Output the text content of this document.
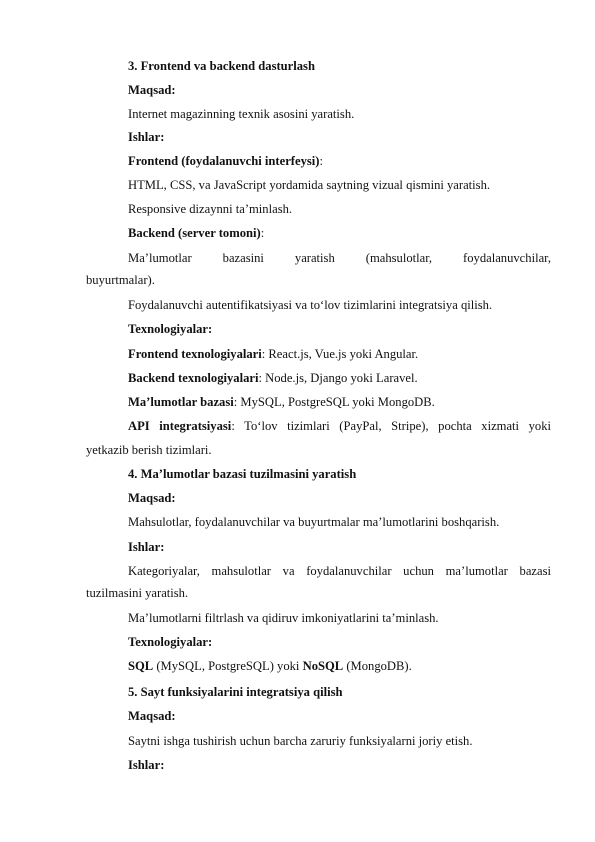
3. Frontend va backend dasturlash
Maqsad:
Internet magazinning texnik asosini yaratish.
Ishlar:
Frontend (foydalanuvchi interfeysi):
HTML, CSS, va JavaScript yordamida saytning vizual qismini yaratish.
Responsive dizaynni ta’minlash.
Backend (server tomoni):
Ma’lumotlar bazasini yaratish (mahsulotlar, foydalanuvchilar,
buyurtmalar).
Foydalanuvchi autentifikatsiyasi va to‘lov tizimlarini integratsiya qilish.
Texnologiyalar:
Frontend texnologiyalari: React.js, Vue.js yoki Angular.
Backend texnologiyalari: Node.js, Django yoki Laravel.
Ma’lumotlar bazasi: MySQL, PostgreSQL yoki MongoDB.
API integratsiyasi: To‘lov tizimlari (PayPal, Stripe), pochta xizmati yoki
yetkazib berish tizimlari.
4. Ma’lumotlar bazasi tuzilmasini yaratish
Maqsad:
Mahsulotlar, foydalanuvchilar va buyurtmalar ma’lumotlarini boshqarish.
Ishlar:
Kategoriyalar, mahsulotlar va foydalanuvchilar uchun ma’lumotlar bazasi
tuzilmasini yaratish.
Ma’lumotlarni filtrlash va qidiruv imkoniyatlarini ta’minlash.
Texnologiyalar:
SQL (MySQL, PostgreSQL) yoki NoSQL (MongoDB).
5. Sayt funksiyalarini integratsiya qilish
Maqsad:
Saytni ishga tushirish uchun barcha zaruriy funksiyalarni joriy etish.
Ishlar:
